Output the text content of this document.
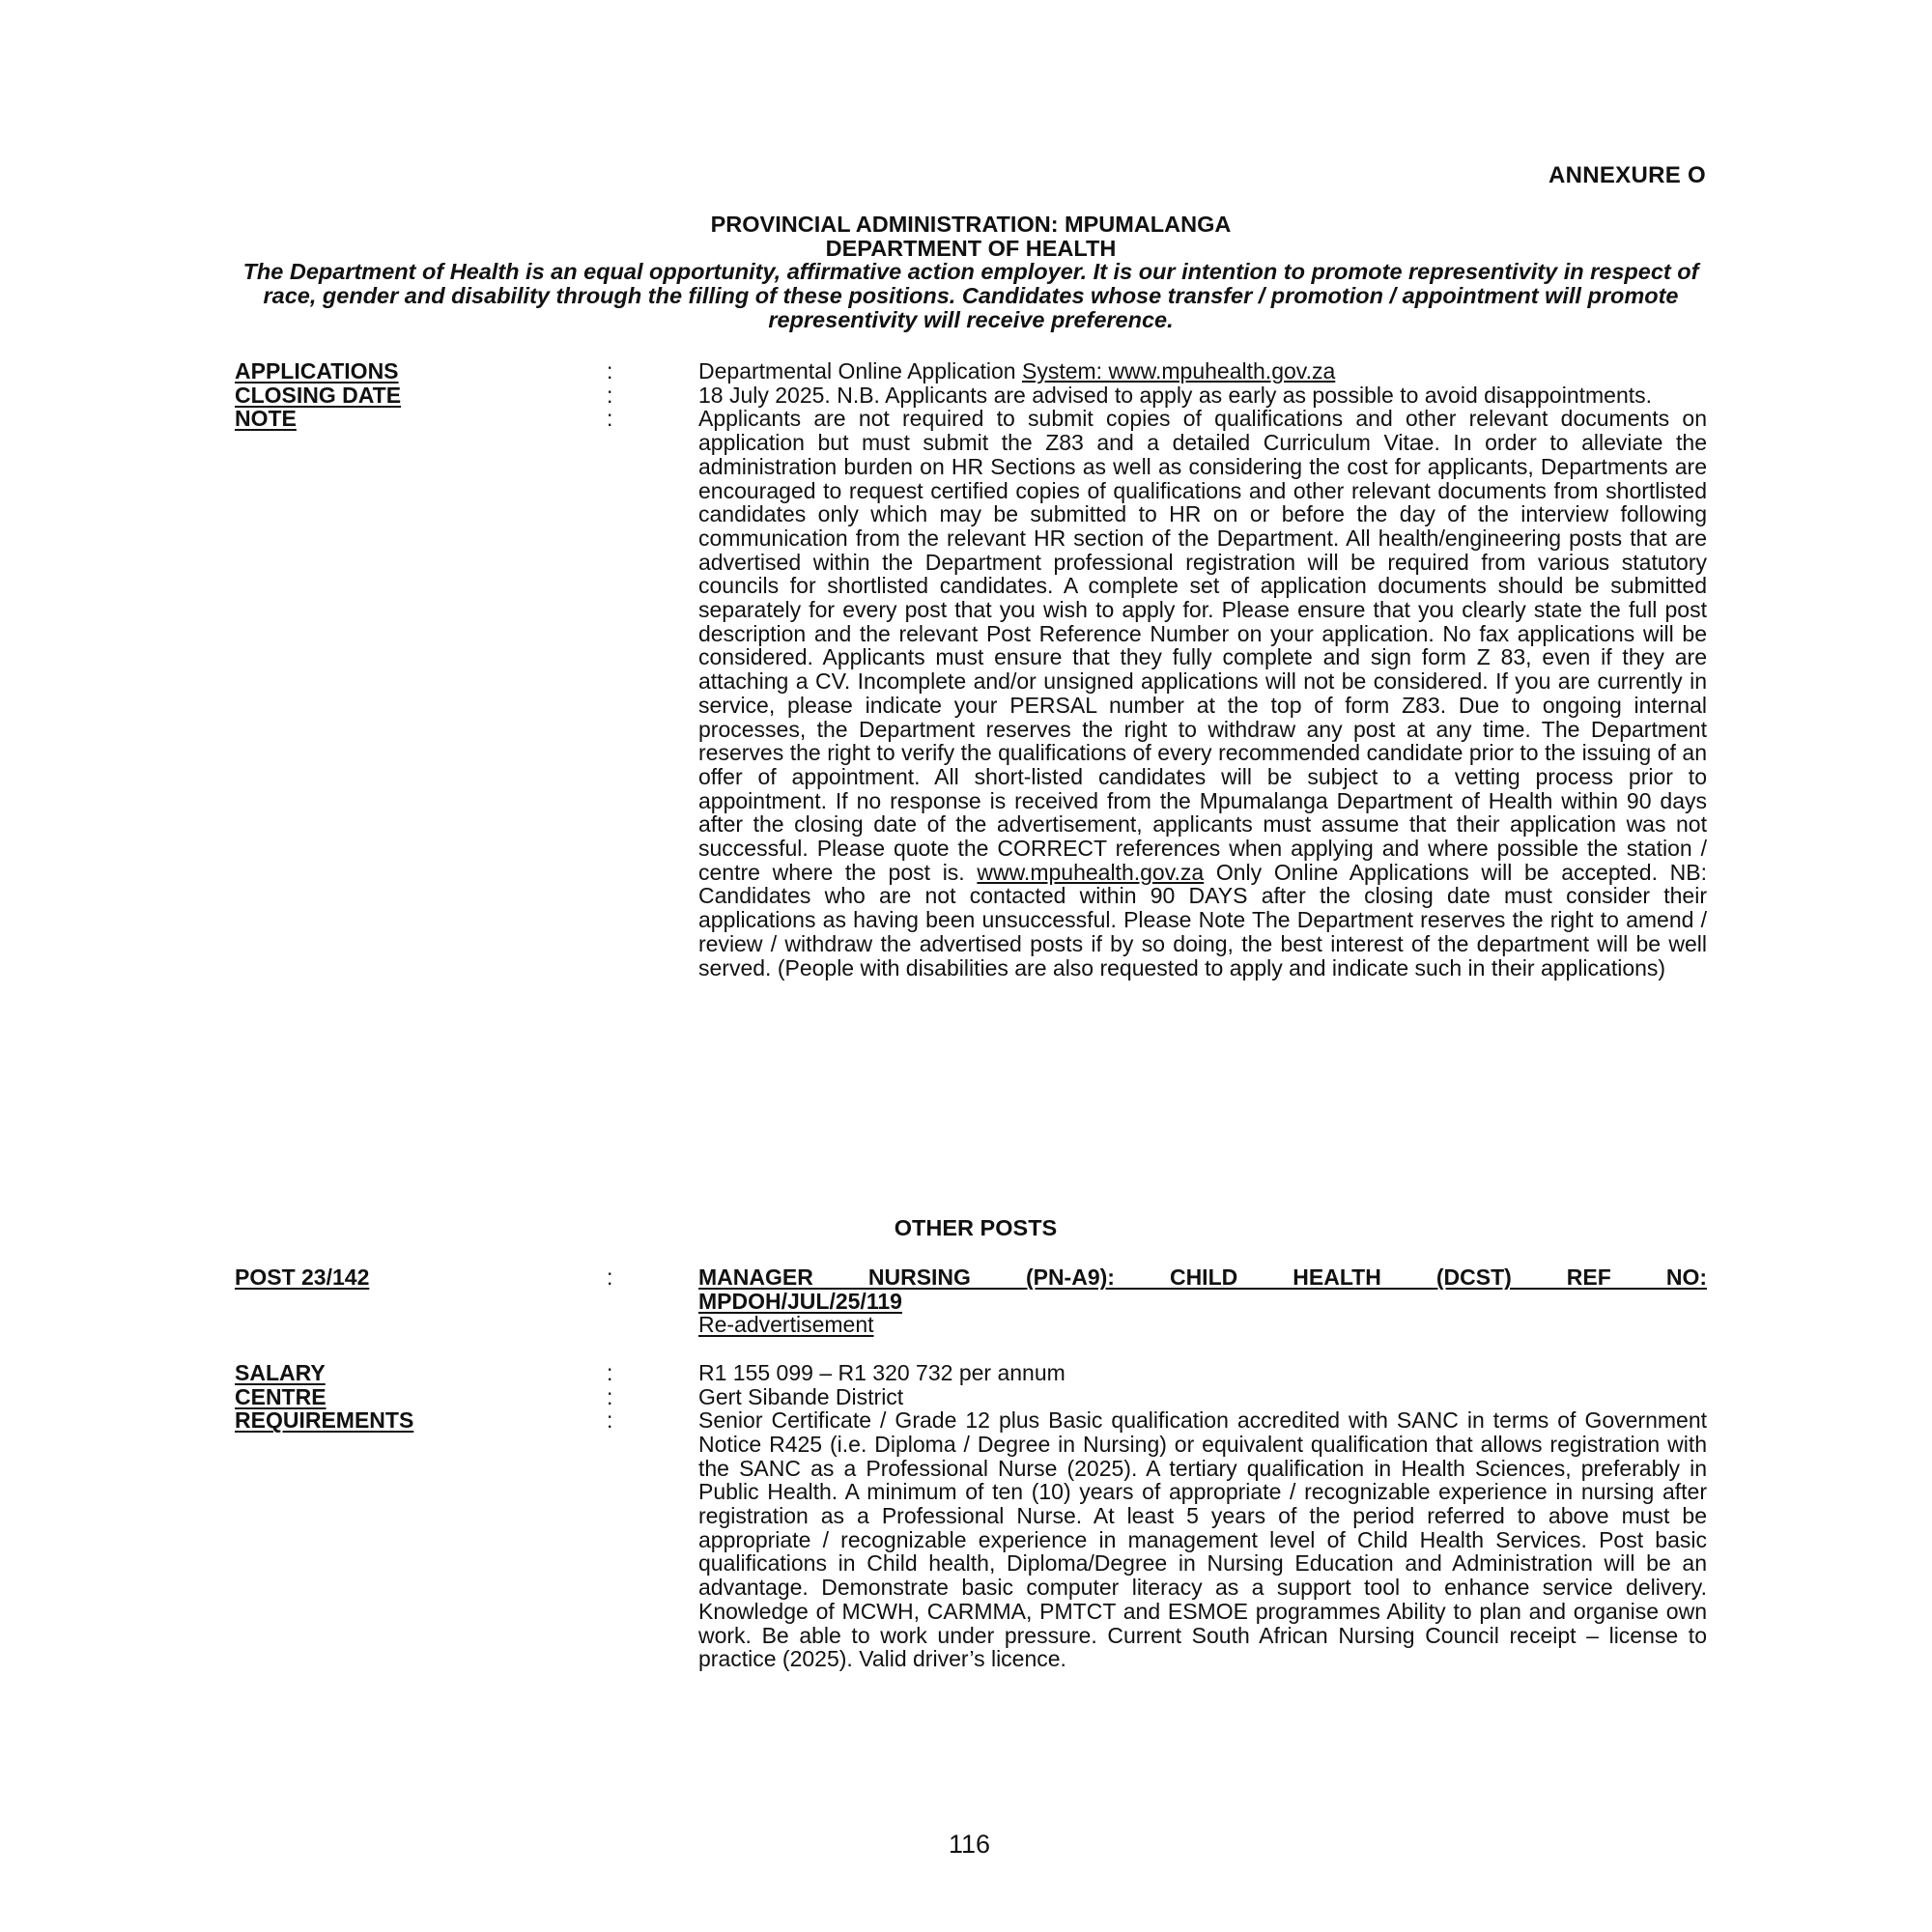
ANNEXURE O
PROVINCIAL ADMINISTRATION: MPUMALANGA
DEPARTMENT OF HEALTH
The Department of Health is an equal opportunity, affirmative action employer. It is our intention to promote representivity in respect of race, gender and disability through the filling of these positions. Candidates whose transfer / promotion / appointment will promote representivity will receive preference.
APPLICATIONS	:	Departmental Online Application System: www.mpuhealth.gov.za
CLOSING DATE	:	18 July 2025. N.B. Applicants are advised to apply as early as possible to avoid disappointments.
NOTE	:	Applicants are not required to submit copies of qualifications and other relevant documents on application but must submit the Z83 and a detailed Curriculum Vitae. In order to alleviate the administration burden on HR Sections as well as considering the cost for applicants, Departments are encouraged to request certified copies of qualifications and other relevant documents from shortlisted candidates only which may be submitted to HR on or before the day of the interview following communication from the relevant HR section of the Department. All health/engineering posts that are advertised within the Department professional registration will be required from various statutory councils for shortlisted candidates. A complete set of application documents should be submitted separately for every post that you wish to apply for. Please ensure that you clearly state the full post description and the relevant Post Reference Number on your application. No fax applications will be considered. Applicants must ensure that they fully complete and sign form Z 83, even if they are attaching a CV. Incomplete and/or unsigned applications will not be considered. If you are currently in service, please indicate your PERSAL number at the top of form Z83. Due to ongoing internal processes, the Department reserves the right to withdraw any post at any time. The Department reserves the right to verify the qualifications of every recommended candidate prior to the issuing of an offer of appointment. All short-listed candidates will be subject to a vetting process prior to appointment. If no response is received from the Mpumalanga Department of Health within 90 days after the closing date of the advertisement, applicants must assume that their application was not successful. Please quote the CORRECT references when applying and where possible the station / centre where the post is. www.mpuhealth.gov.za Only Online Applications will be accepted. NB: Candidates who are not contacted within 90 DAYS after the closing date must consider their applications as having been unsuccessful. Please Note The Department reserves the right to amend / review / withdraw the advertised posts if by so doing, the best interest of the department will be well served. (People with disabilities are also requested to apply and indicate such in their applications)
OTHER POSTS
POST 23/142	:	MANAGER NURSING (PN-A9): CHILD HEALTH (DCST) REF NO:
MPDOH/JUL/25/119
Re-advertisement
SALARY	:	R1 155 099 – R1 320 732 per annum
CENTRE	:	Gert Sibande District
REQUIREMENTS	:	Senior Certificate / Grade 12 plus Basic qualification accredited with SANC in terms of Government Notice R425 (i.e. Diploma / Degree in Nursing) or equivalent qualification that allows registration with the SANC as a Professional Nurse (2025). A tertiary qualification in Health Sciences, preferably in Public Health. A minimum of ten (10) years of appropriate / recognizable experience in nursing after registration as a Professional Nurse. At least 5 years of the period referred to above must be appropriate / recognizable experience in management level of Child Health Services. Post basic qualifications in Child health, Diploma/Degree in Nursing Education and Administration will be an advantage. Demonstrate basic computer literacy as a support tool to enhance service delivery. Knowledge of MCWH, CARMMA, PMTCT and ESMOE programmes Ability to plan and organise own work. Be able to work under pressure. Current South African Nursing Council receipt – license to practice (2025). Valid driver’s licence.
116
